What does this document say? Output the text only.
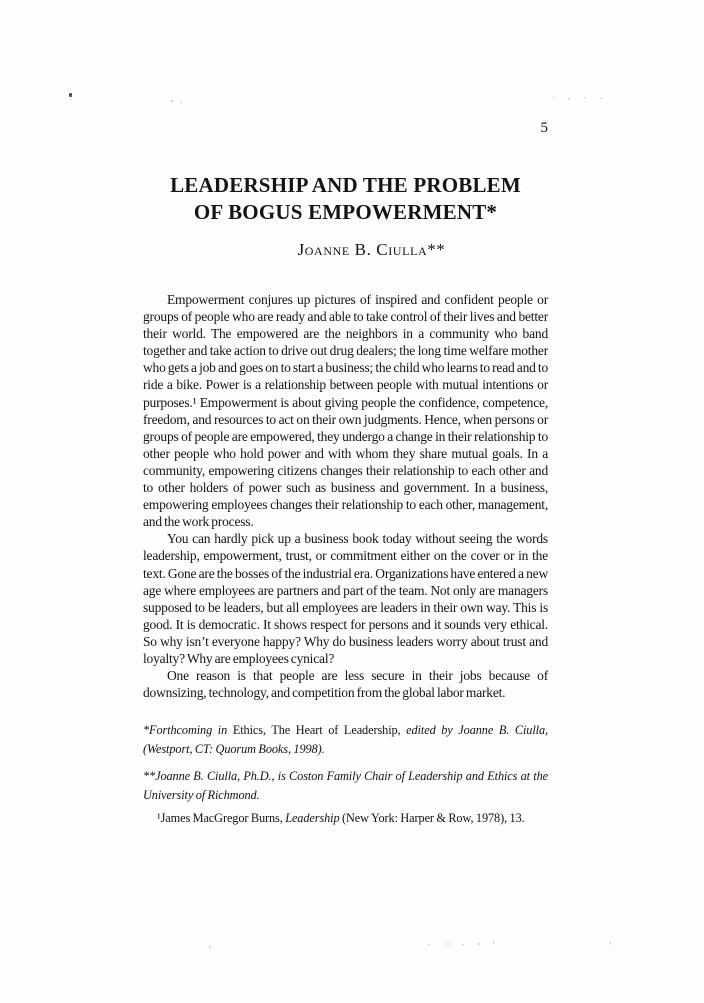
5
LEADERSHIP AND THE PROBLEM
OF BOGUS EMPOWERMENT*
Joanne B. Ciulla**

Empowerment conjures up pictures of inspired and confident people or groups of people who are ready and able to take control of their lives and better their world. The empowered are the neighbors in a community who band together and take action to drive out drug dealers; the long time welfare mother who gets a job and goes on to start a business; the child who learns to read and to ride a bike. Power is a relationship between people with mutual intentions or purposes.¹ Empowerment is about giving people the confidence, competence, freedom, and resources to act on their own judgments. Hence, when persons or groups of people are empowered, they undergo a change in their relationship to other people who hold power and with whom they share mutual goals. In a community, empowering citizens changes their relationship to each other and to other holders of power such as business and government. In a business, empowering employees changes their relationship to each other, management, and the work process.

You can hardly pick up a business book today without seeing the words leadership, empowerment, trust, or commitment either on the cover or in the text. Gone are the bosses of the industrial era. Organizations have entered a new age where employees are partners and part of the team. Not only are managers supposed to be leaders, but all employees are leaders in their own way. This is good. It is democratic. It shows respect for persons and it sounds very ethical. So why isn’t everyone happy? Why do business leaders worry about trust and loyalty? Why are employees cynical?

One reason is that people are less secure in their jobs because of downsizing, technology, and competition from the global labor market.

*Forthcoming in Ethics, The Heart of Leadership, edited by Joanne B. Ciulla, (Westport, CT: Quorum Books, 1998).
**Joanne B. Ciulla, Ph.D., is Coston Family Chair of Leadership and Ethics at the University of Richmond.
¹James MacGregor Burns, Leadership (New York: Harper & Row, 1978), 13.
